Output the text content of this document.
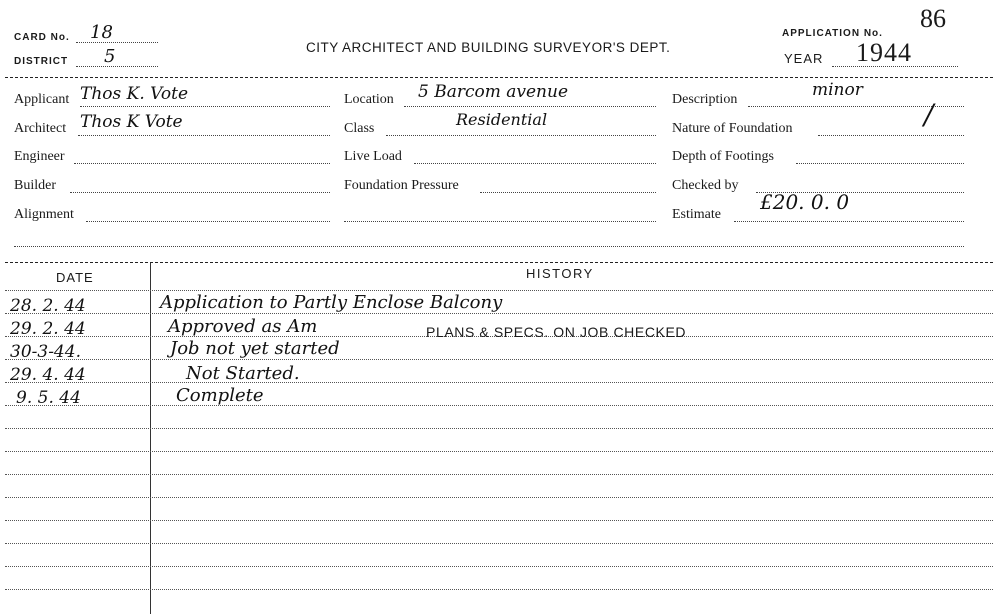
CARD No. 18
DISTRICT 5	CITY ARCHITECT AND BUILDING SURVEYOR'S DEPT.
APPLICATION No.
86
YEAR 1944
Applicant Thos K. Vote
Architect Thos K Vote
Engineer
Builder
Alignment
Location 5 Barcom avenue
Class	Residential
Live Load
Foundation Pressure
Description	minor
Nature of Foundation	/
Depth of Footings
Checked by
Estimate
£20. 0. 0
DATE	HISTORY
28. 2. 44	Application to Partly Enclose Balcony
29. 2. 44	Approved as Am	PLANS & SPECS. ON JOB CHECKED
30-3-44.	Job not yet started
29. 4. 44	Not Started.
9. 5. 44	Complete
